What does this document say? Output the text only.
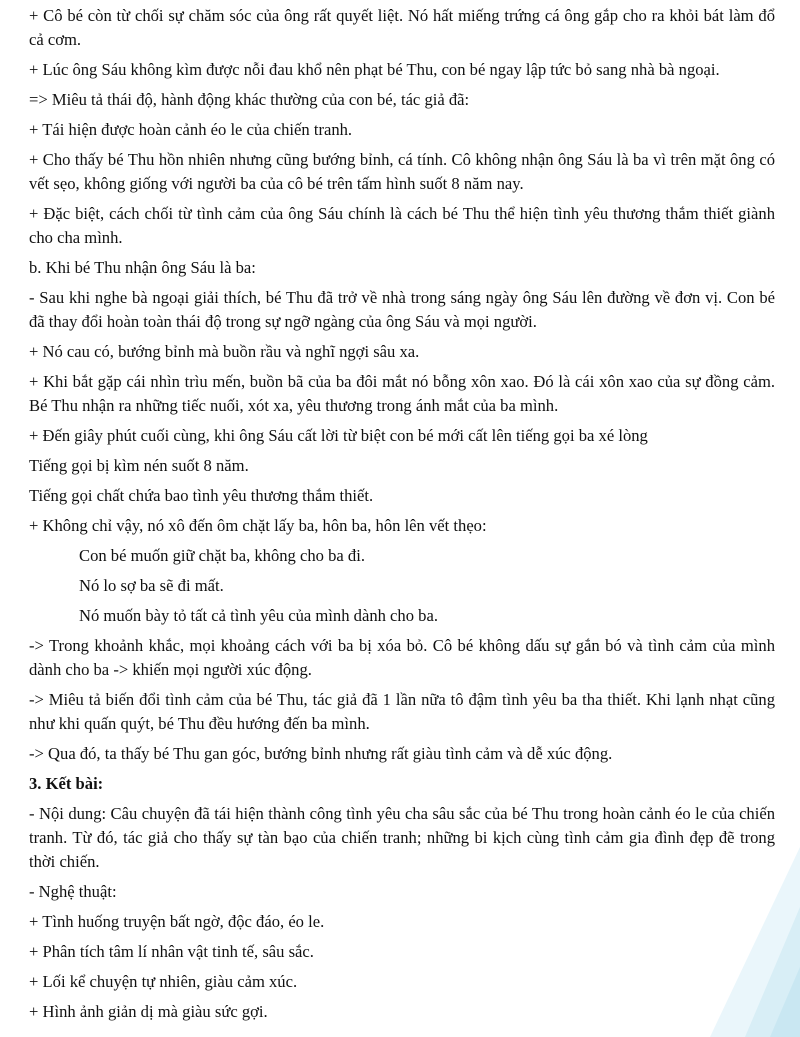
+ Cô bé còn từ chối sự chăm sóc của ông rất quyết liệt. Nó hất miếng trứng cá ông gắp cho ra khỏi bát làm đổ cả cơm.

+ Lúc ông Sáu không kìm được nỗi đau khổ nên phạt bé Thu, con bé ngay lập tức bỏ sang nhà bà ngoại.

=> Miêu tả thái độ, hành động khác thường của con bé, tác giả đã:

+ Tái hiện được hoàn cảnh éo le của chiến tranh.

+ Cho thấy bé Thu hồn nhiên nhưng cũng bướng bỉnh, cá tính. Cô không nhận ông Sáu là ba vì trên mặt ông có vết sẹo, không giống với người ba của cô bé trên tấm hình suốt 8 năm nay.

+ Đặc biệt, cách chối từ tình cảm của ông Sáu chính là cách bé Thu thể hiện tình yêu thương thắm thiết giành cho cha mình.

b. Khi bé Thu nhận ông Sáu là ba:

- Sau khi nghe bà ngoại giải thích, bé Thu đã trở về nhà trong sáng ngày ông Sáu lên đường về đơn vị. Con bé đã thay đổi hoàn toàn thái độ trong sự ngỡ ngàng của ông Sáu và mọi người.

+ Nó cau có, bướng bỉnh mà buồn rầu và nghĩ ngợi sâu xa.

+ Khi bắt gặp cái nhìn trìu mến, buồn bã của ba đôi mắt nó bỗng xôn xao. Đó là cái xôn xao của sự đồng cảm. Bé Thu nhận ra những tiếc nuối, xót xa, yêu thương trong ánh mắt của ba mình.

+ Đến giây phút cuối cùng, khi ông Sáu cất lời từ biệt con bé mới cất lên tiếng gọi ba xé lòng

Tiếng gọi bị kìm nén suốt 8 năm.

Tiếng gọi chất chứa bao tình yêu thương thắm thiết.

+ Không chỉ vậy, nó xô đến ôm chặt lấy ba, hôn ba, hôn lên vết thẹo:

Con bé muốn giữ chặt ba, không cho ba đi.

Nó lo sợ ba sẽ đi mất.

Nó muốn bày tỏ tất cả tình yêu của mình dành cho ba.

-> Trong khoảnh khắc, mọi khoảng cách với ba bị xóa bỏ. Cô bé không dấu sự gắn bó và tình cảm của mình dành cho ba -> khiến mọi người xúc động.

-> Miêu tả biến đổi tình cảm của bé Thu, tác giả đã 1 lần nữa tô đậm tình yêu ba tha thiết. Khi lạnh nhạt cũng như khi quấn quýt, bé Thu đều hướng đến ba mình.

-> Qua đó, ta thấy bé Thu gan góc, bướng bỉnh nhưng rất giàu tình cảm và dễ xúc động.

3. Kết bài:

- Nội dung: Câu chuyện đã tái hiện thành công tình yêu cha sâu sắc của bé Thu trong hoàn cảnh éo le của chiến tranh. Từ đó, tác giả cho thấy sự tàn bạo của chiến tranh; những bi kịch cùng tình cảm gia đình đẹp đẽ trong thời chiến.

- Nghệ thuật:

+ Tình huống truyện bất ngờ, độc đáo, éo le.

+ Phân tích tâm lí nhân vật tinh tế, sâu sắc.

+ Lối kể chuyện tự nhiên, giàu cảm xúc.

+ Hình ảnh giản dị mà giàu sức gợi.
